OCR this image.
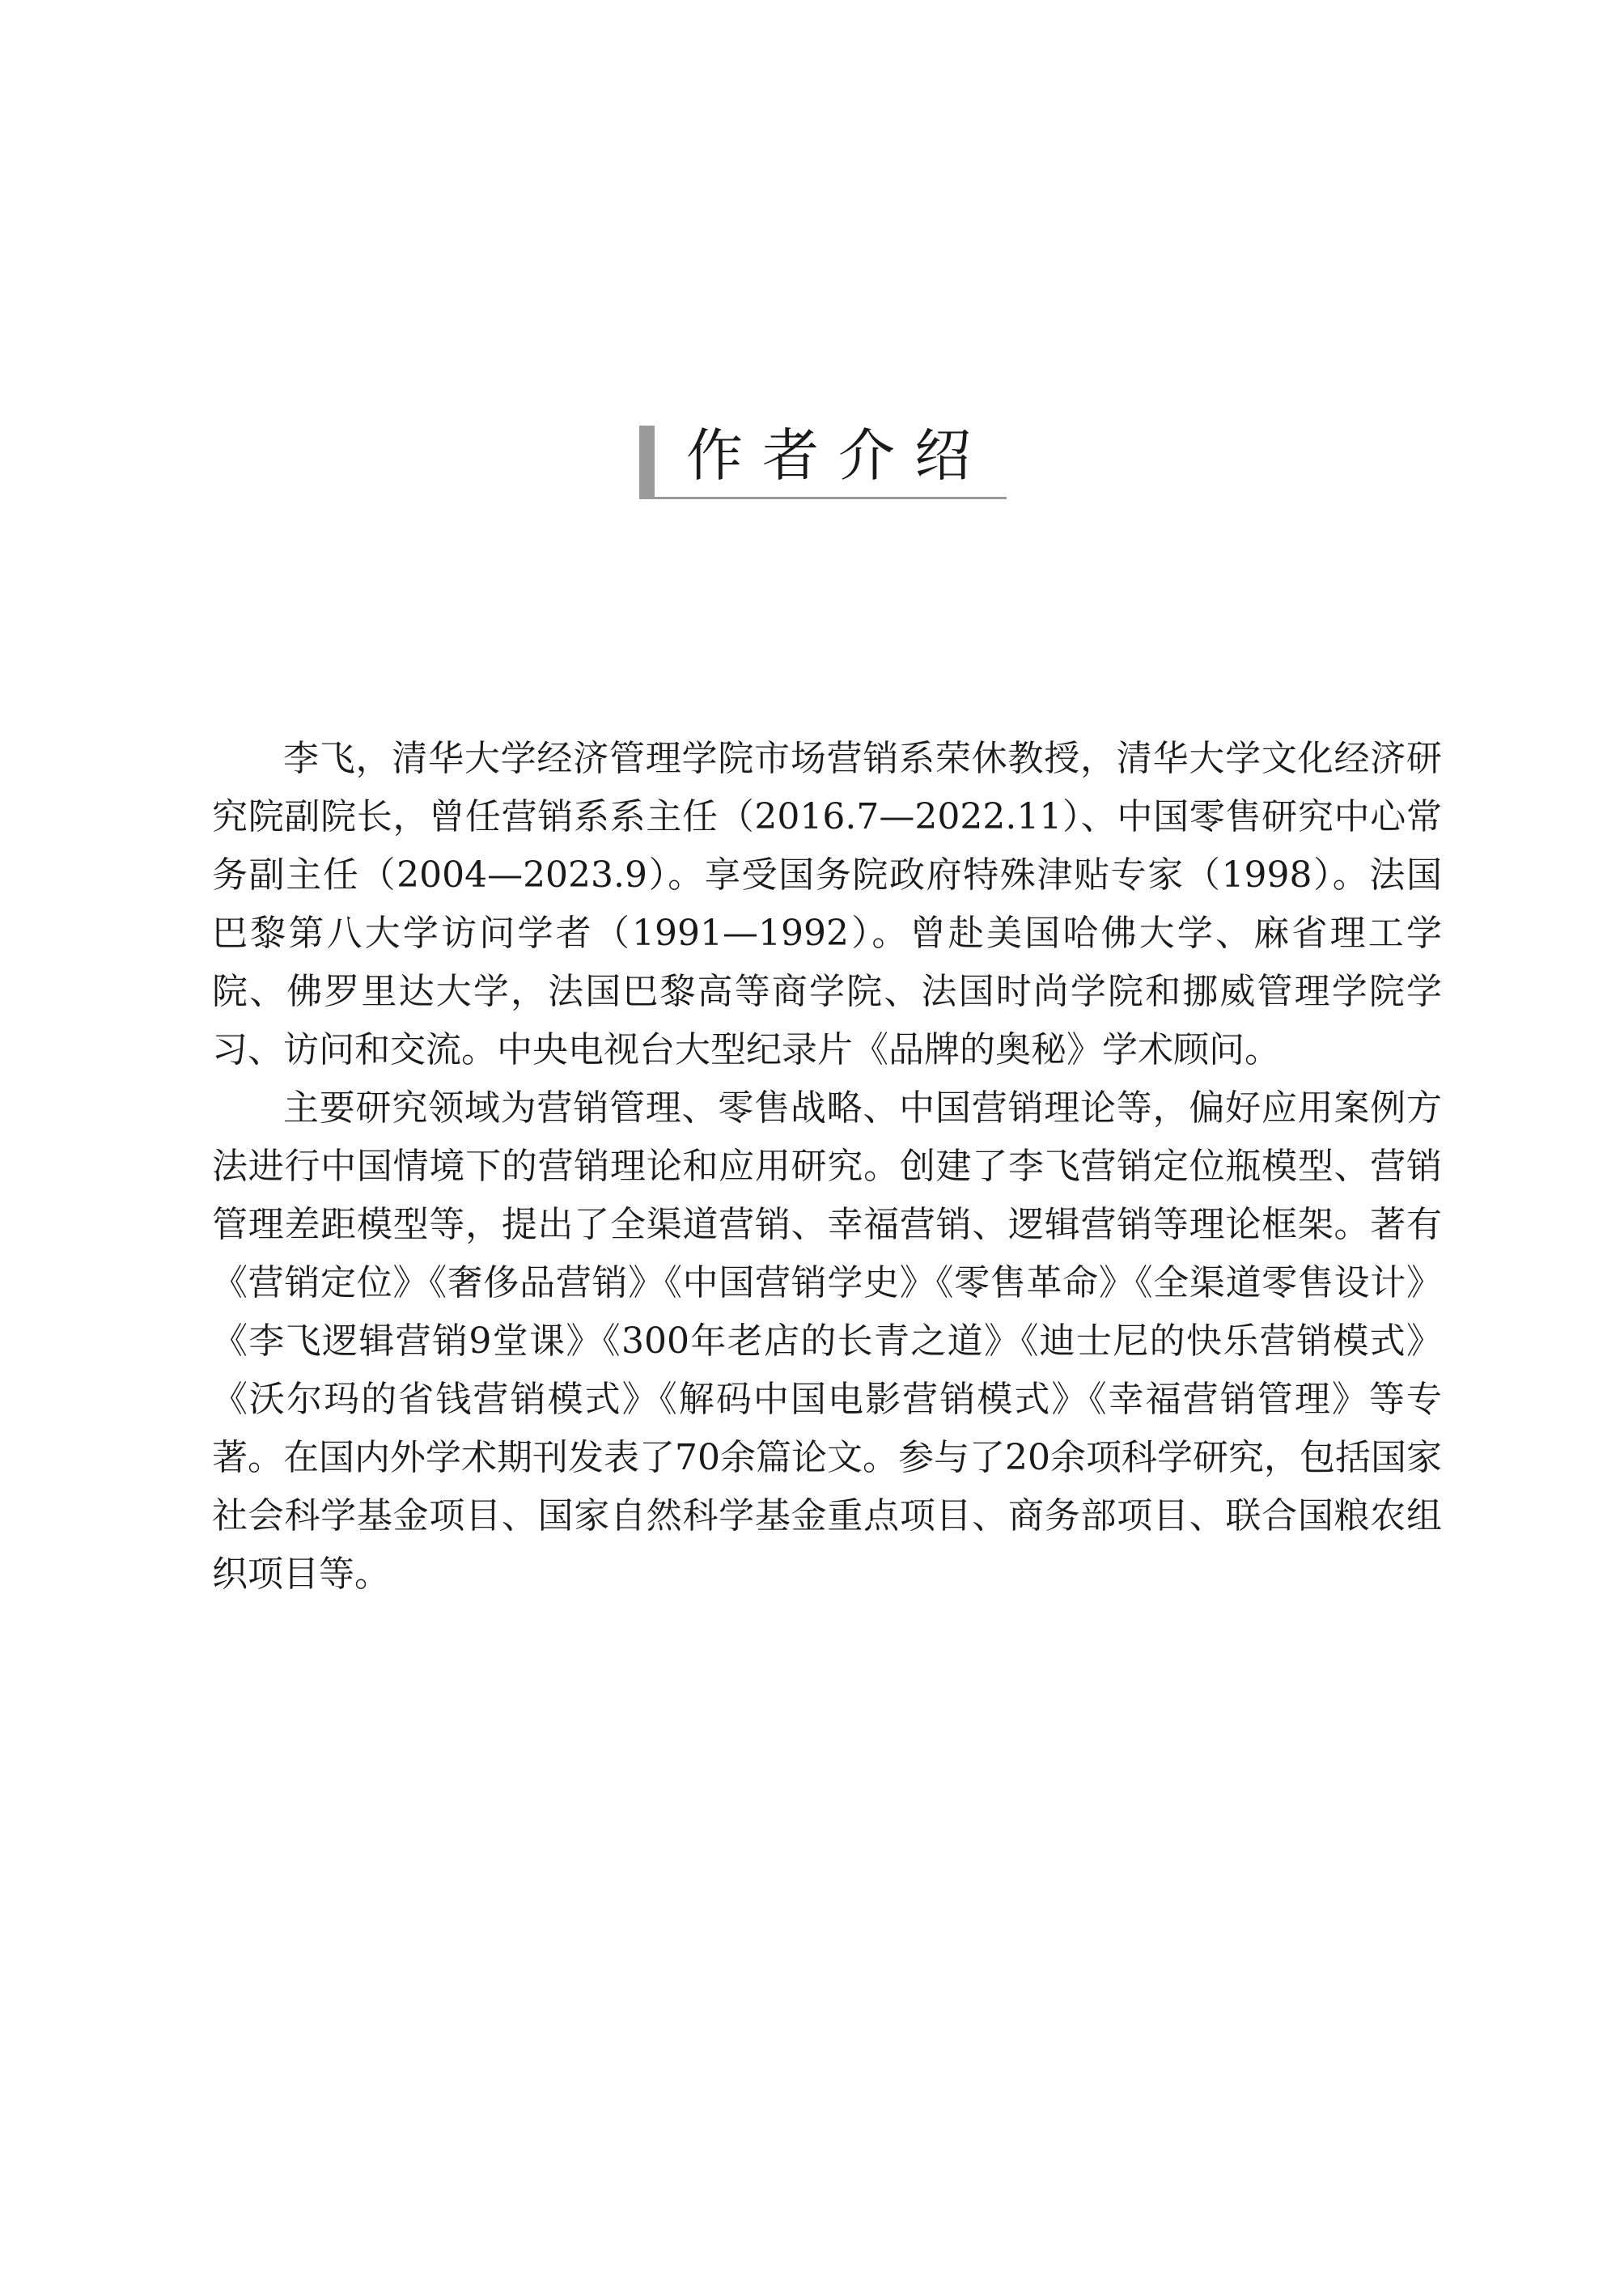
作者介绍

李飞，清华大学经济管理学院市场营销系荣休教授，清华大学文化经济研究院副院长，曾任营销系系主任（2016.7—2022.11）、中国零售研究中心常务副主任（2004—2023.9）。享受国务院政府特殊津贴专家（1998）。法国巴黎第八大学访问学者（1991—1992）。曾赴美国哈佛大学、麻省理工学院、佛罗里达大学，法国巴黎高等商学院、法国时尚学院和挪威管理学院学习、访问和交流。中央电视台大型纪录片《品牌的奥秘》学术顾问。

主要研究领域为营销管理、零售战略、中国营销理论等，偏好应用案例方法进行中国情境下的营销理论和应用研究。创建了李飞营销定位瓶模型、营销管理差距模型等，提出了全渠道营销、幸福营销、逻辑营销等理论框架。著有《营销定位》《奢侈品营销》《中国营销学史》《零售革命》《全渠道零售设计》《李飞逻辑营销9堂课》《300年老店的长青之道》《迪士尼的快乐营销模式》《沃尔玛的省钱营销模式》《解码中国电影营销模式》《幸福营销管理》等专著。在国内外学术期刊发表了70余篇论文。参与了20余项科学研究，包括国家社会科学基金项目、国家自然科学基金重点项目、商务部项目、联合国粮农组织项目等。
